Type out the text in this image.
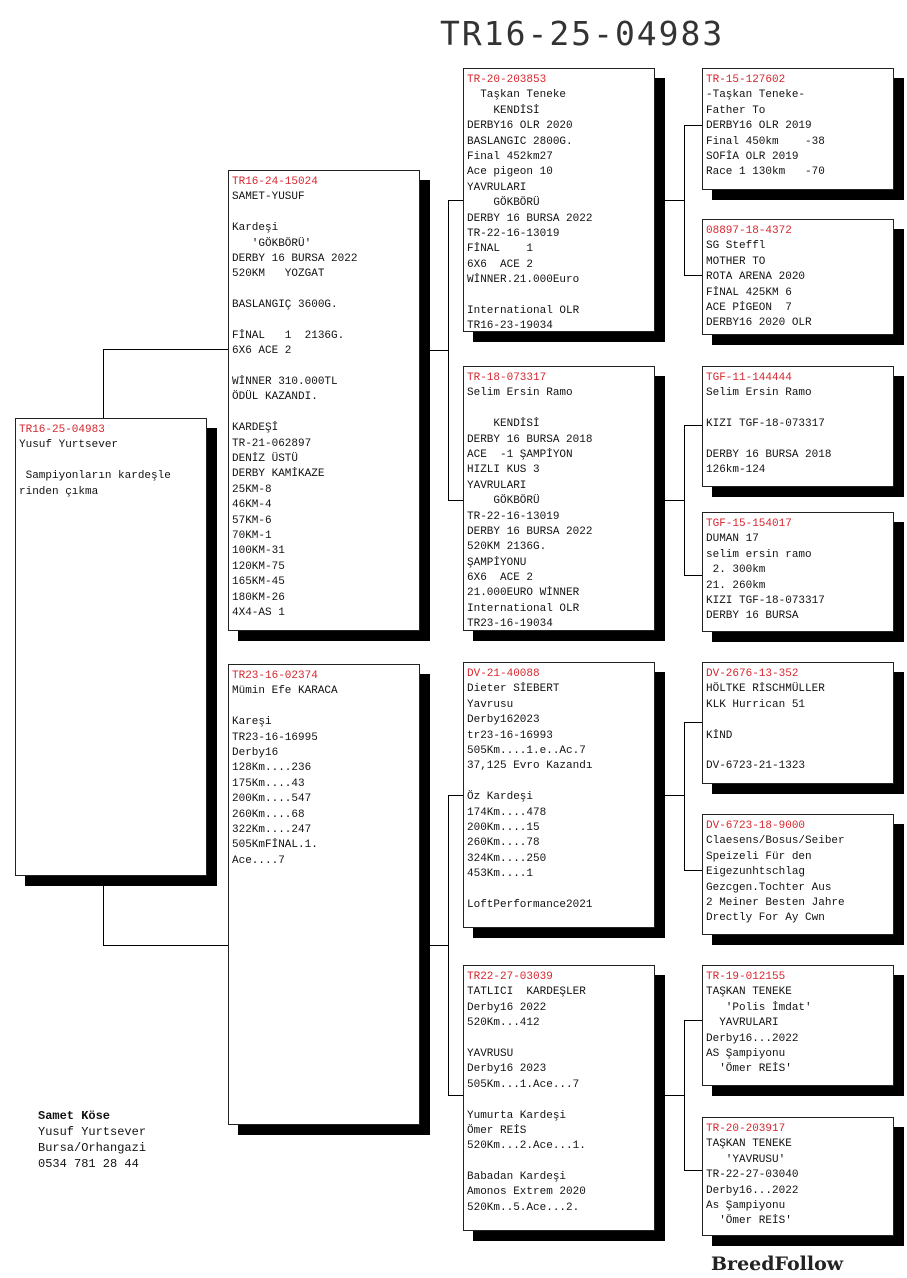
TR16-25-04983
TR16-25-04983
Yusuf Yurtsever
Sampiyonların kardeşle
rinden çıkma
TR16-24-15024
SAMET-YUSUF
Kardeşi
'GÖKBÖRÜ'
DERBY 16 BURSA 2022
520KM   YOZGAT
BASLANGIÇ 3600G.
FİNAL   1  2136G.
6X6 ACE 2
WİNNER 310.000TL
ÖDÜL KAZANDI.
KARDEŞİ
TR-21-062897
DENİZ ÜSTÜ
DERBY KAMİKAZE
25KM-8
46KM-4
57KM-6
70KM-1
100KM-31
120KM-75
165KM-45
180KM-26
4X4-AS 1
TR23-16-02374
Mümin Efe KARACA
Kareşi
TR23-16-16995
Derby16
128Km....236
175Km....43
200Km....547
260Km....68
322Km....247
505KmFİNAL.1.
Ace....7
TR-20-203853
Taşkan Teneke
KENDİSİ
DERBY16 OLR 2020
BASLANGIC 2800G.
Final 452km27
Ace pigeon 10
YAVRULARI
GÖKBÖRÜ
DERBY 16 BURSA 2022
TR-22-16-13019
FİNAL    1
6X6  ACE 2
WİNNER.21.000Euro
International OLR
TR16-23-19034
TR-18-073317
Selim Ersin Ramo
KENDİSİ
DERBY 16 BURSA 2018
ACE  -1 ŞAMPİYON
HIZLI KUS 3
YAVRULARI
GÖKBÖRÜ
TR-22-16-13019
DERBY 16 BURSA 2022
520KM 2136G.
ŞAMPİYONU
6X6  ACE 2
21.000EURO WİNNER
International OLR
TR23-16-19034
DV-21-40088
Dieter SİEBERT
Yavrusu
Derby162023
tr23-16-16993
505Km....1.e..Ac.7
37,125 Evro Kazandı
Öz Kardeşi
174Km....478
200Km....15
260Km....78
324Km....250
453Km....1
LoftPerformance2021
TR22-27-03039
TATLICI  KARDEŞLER
Derby16 2022
520Km...412
YAVRUSU
Derby16 2023
505Km...1.Ace...7
Yumurta Kardeşi
Ömer REİS
520Km...2.Ace...1.
Babadan Kardeşi
Amonos Extrem 2020
520Km..5.Ace...2.
TR-15-127602
-Taşkan Teneke-
Father To
DERBY16 OLR 2019
Final 450km    -38
SOFİA OLR 2019
Race 1 130km   -70
08897-18-4372
SG Steffl
MOTHER TO
ROTA ARENA 2020
FİNAL 425KM 6
ACE PİGEON  7
DERBY16 2020 OLR
TGF-11-144444
Selim Ersin Ramo
KIZI TGF-18-073317
DERBY 16 BURSA 2018
126km-124
TGF-15-154017
DUMAN 17
selim ersin ramo
2. 300km
21. 260km
KIZI TGF-18-073317
DERBY 16 BURSA
DV-2676-13-352
HÖLTKE RİSCHMÜLLER
KLK Hurrican 51
KİND
DV-6723-21-1323
DV-6723-18-9000
Claesens/Bosus/Seiber
Speizeli Für den
Eigezunhtschlag
Gezcgen.Tochter Aus
2 Meiner Besten Jahre
Drectly For Ay Cwn
TR-19-012155
TAŞKAN TENEKE
'Polis İmdat'
YAVRULARI
Derby16...2022
AS Şampiyonu
'Ömer REİS'
TR-20-203917
TAŞKAN TENEKE
'YAVRUSU'
TR-22-27-03040
Derby16...2022
As Şampiyonu
'Ömer REİS'
Samet Köse
Yusuf Yurtsever
Bursa/Orhangazi
0534 781 28 44
BreedFollow
